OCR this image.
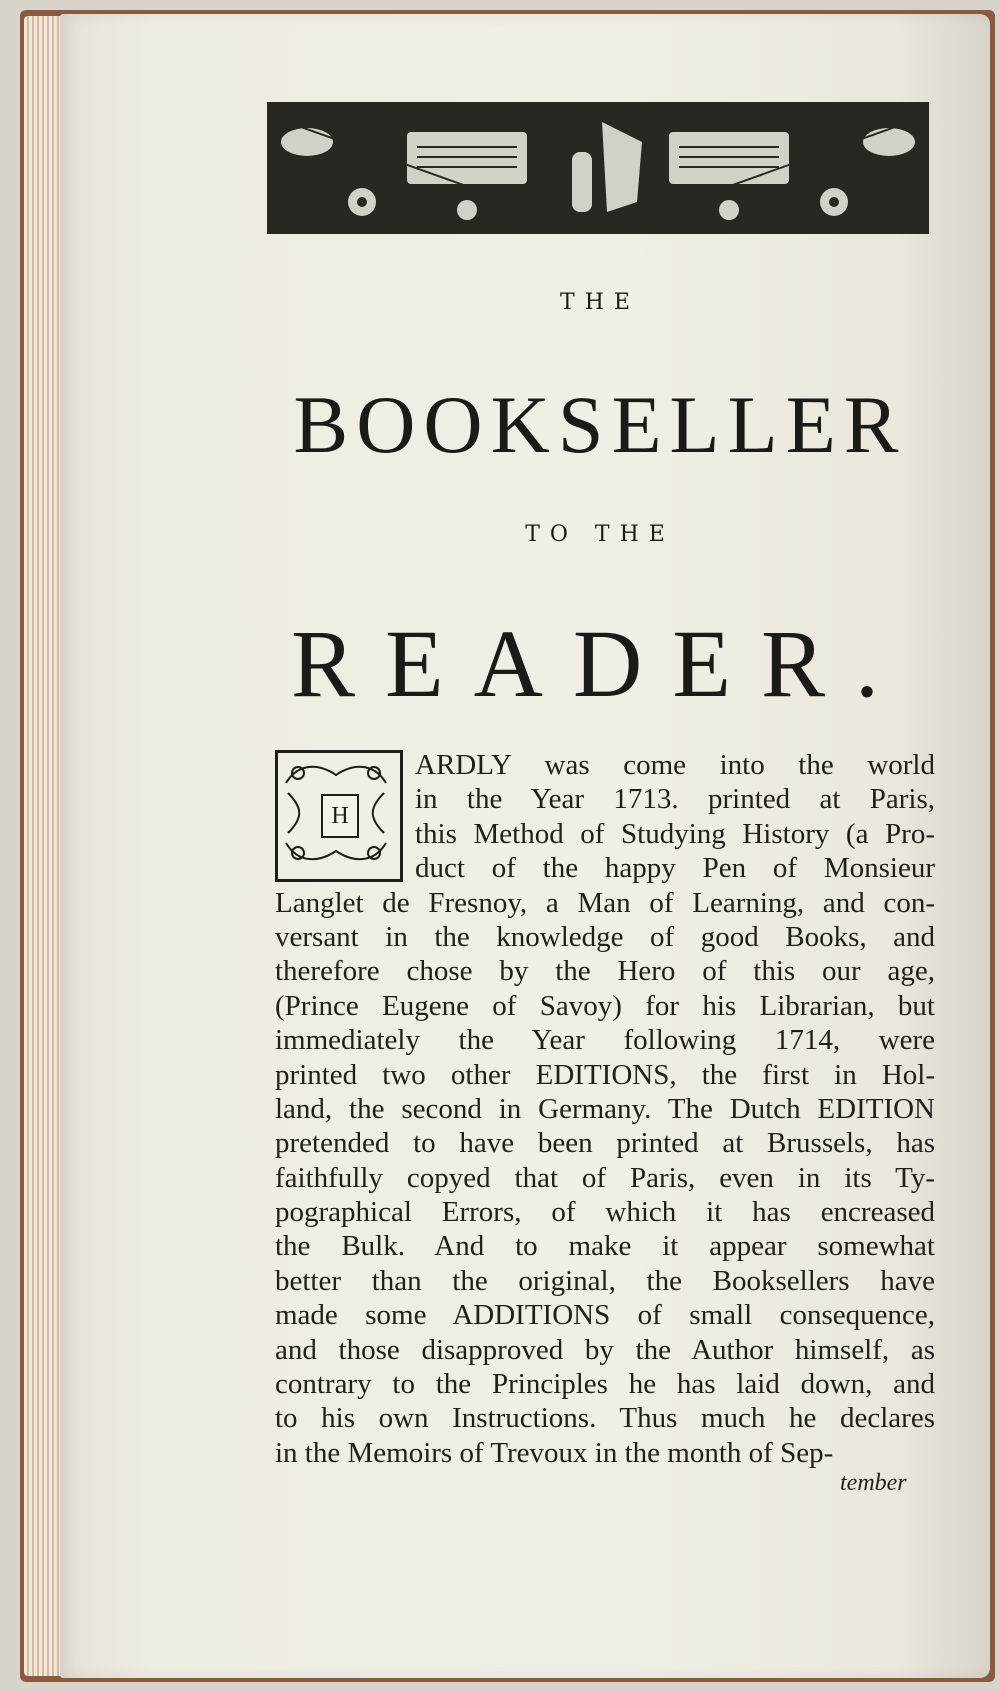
THE
BOOKSELLER
TO THE
READER.
H
ARDLY was come into the world
in the Year 1713. printed at Paris,
this Method of Studying History (a Pro-
duct of the happy Pen of Monsieur
Langlet de Fresnoy, a Man of Learning, and con-
versant in the knowledge of good Books, and
therefore chose by the Hero of this our age,
(Prince Eugene of Savoy) for his Librarian, but
immediately the Year following 1714, were
printed two other EDITIONS, the first in Hol-
land, the second in Germany. The Dutch EDITION
pretended to have been printed at Brussels, has
faithfully copyed that of Paris, even in its Ty-
pographical Errors, of which it has encreased
the Bulk. And to make it appear somewhat
better than the original, the Booksellers have
made some ADDITIONS of small consequence,
and those disapproved by the Author himself, as
contrary to the Principles he has laid down, and
to his own Instructions. Thus much he declares
in the Memoirs of Trevoux in the month of Sep-
tember
